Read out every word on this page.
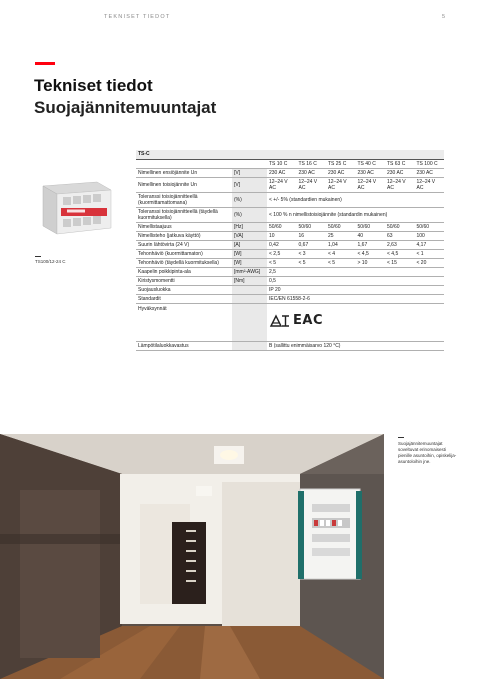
TEKNISET TIEDOT	5
Tekniset tiedot
Suojajännitemuuntajat
TS100/12-24 C
TS-C							
		TS 10 C	TS 16 C	TS 25 C	TS 40 C	TS 63 C	TS 100 C
Nimellinen ensiöjännite Un	[V]	230 AC	230 AC	230 AC	230 AC	230 AC	230 AC
Nimellinen toisiojännite Un	[V]	12–24 V AC	12–24 V AC	12–24 V AC	12–24 V AC	12–24 V AC	12–24 V AC
Toleranssi toisiojännitteellä (kuormittamattomana)	(%)	< +/- 5% (standardien mukainen)					
Toleranssi toisiojännitteellä (täydellä kuormituksella)	(%)	< 100 % n nimellistoisiojännite (standardin mukainen)					
Nimellistaajuus	[Hz]	50/60	50/60	50/60	50/60	50/60	50/60
Nimellisteho (jatkuva käyttö)	[VA]	10	16	25	40	63	100
Suurin lähtövirta (24 V)	[A]	0,42	0,67	1,04	1,67	2,63	4,17
Tehonhäviö (kuormittamaton)	[W]	< 2,5	< 3	< 4	< 4,5	< 4,5	< 1
Tehonhäviö (täydellä kuormituksella)	[W]	< 5	< 5	< 5	> 10	< 15	< 20
Kaapelin poikkipinta-ala	[mm²-AWG]	2,5					
Kiristysmomentti	[Nm]	0,5					
Suojausluokka		IP 20					
Standardit		IEC/EN 61558-2-6					
Hyväksynnät		EAC					

Lämpötilaluokkavastus		B (sallittu enimmäisarvo 120 °C)					
Suojajännitemuuntajat soveltuvat erinomaisesti pienille asuntoihin, opiskelija-asuntoloihin jne.
